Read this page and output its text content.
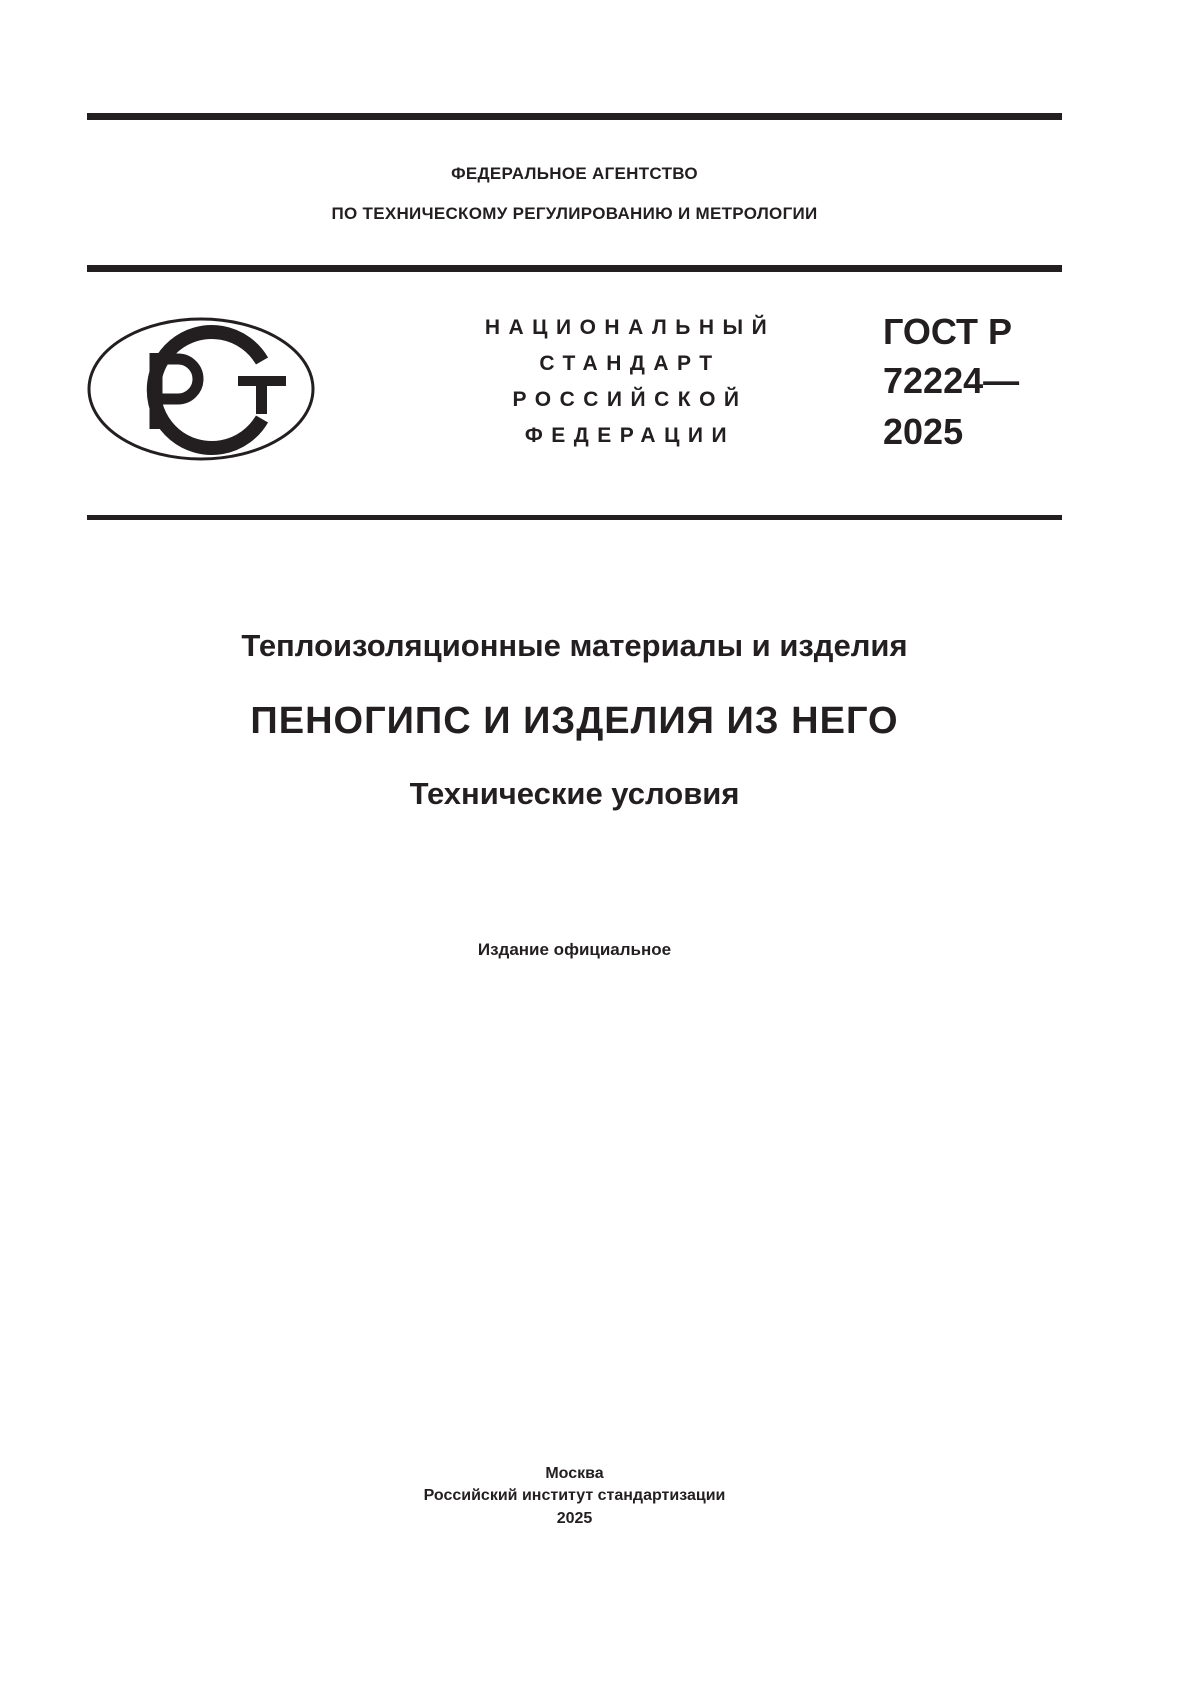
ФЕДЕРАЛЬНОЕ АГЕНТСТВО
ПО ТЕХНИЧЕСКОМУ РЕГУЛИРОВАНИЮ И МЕТРОЛОГИИ
НАЦИОНАЛЬНЫЙ
СТАНДАРТ
РОССИЙСКОЙ
ФЕДЕРАЦИИ
ГОСТ Р
72224—
2025
Теплоизоляционные материалы и изделия
ПЕНОГИПС И ИЗДЕЛИЯ ИЗ НЕГО
Технические условия
Издание официальное
Москва
Российский институт стандартизации
2025
